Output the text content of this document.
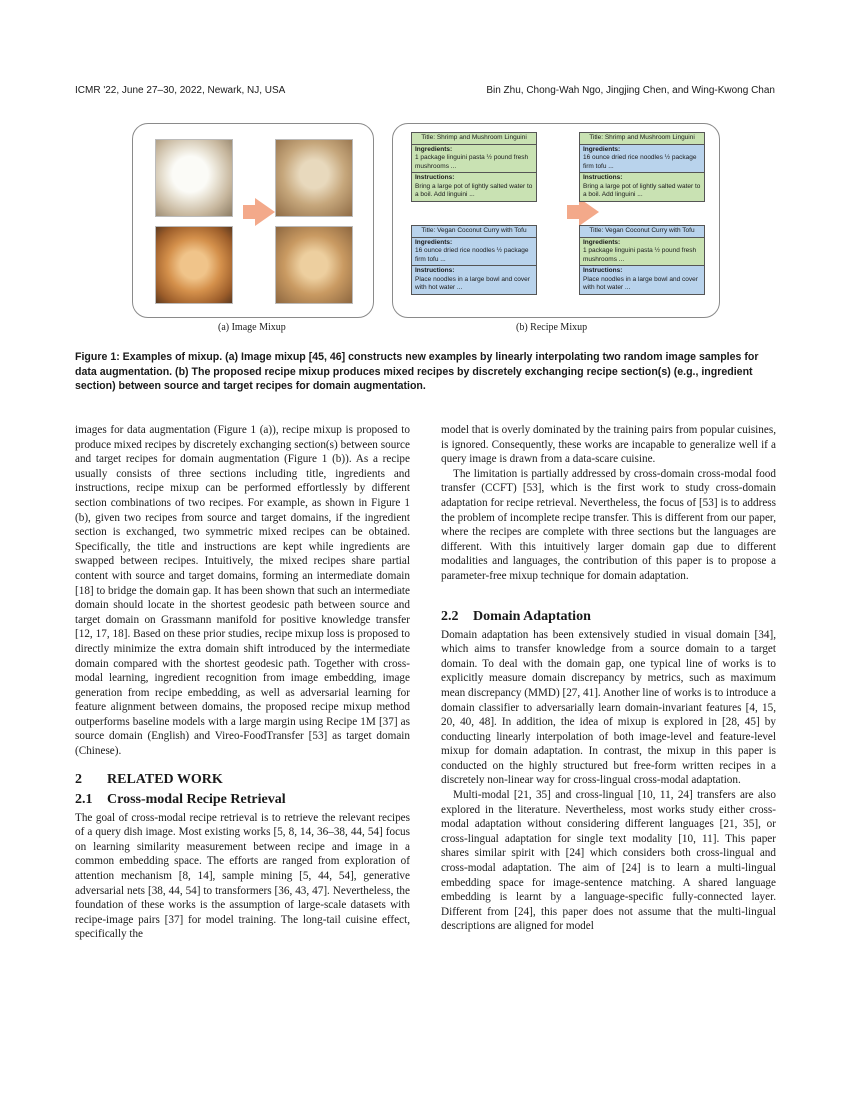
ICMR '22, June 27–30, 2022, Newark, NJ, USA	Bin Zhu, Chong-Wah Ngo, Jingjing Chen, and Wing-Kwong Chan
Title: Shrimp and Mushroom Linguini
Ingredients:
1 package linguini pasta ½ pound fresh mushrooms ...
Instructions:
Bring a large pot of lightly salted water to a boil. Add linguini ...
Title: Vegan Coconut Curry with Tofu
Ingredients:
16 ounce dried rice noodles ½ package firm tofu ...
Instructions:
Place noodles in a large bowl and cover with hot water ...
Title: Shrimp and Mushroom Linguini
Ingredients:
16 ounce dried rice noodles ½ package firm tofu ...
Instructions:
Bring a large pot of lightly salted water to a boil. Add linguini ...
Title: Vegan Coconut Curry with Tofu
Ingredients:
1 package linguini pasta ½ pound fresh mushrooms ...
Instructions:
Place noodles in a large bowl and cover with hot water ...
(a) Image Mixup	(b) Recipe Mixup
Figure 1: Examples of mixup. (a) Image mixup [45, 46] constructs new examples by linearly interpolating two random image samples for data augmentation. (b) The proposed recipe mixup produces mixed recipes by discretely exchanging recipe section(s) (e.g., ingredient section) between source and target recipes for domain augmentation.

images for data augmentation (Figure 1 (a)), recipe mixup is proposed to produce mixed recipes by discretely exchanging section(s) between source and target recipes for domain augmentation (Figure 1 (b)). As a recipe usually consists of three sections including title, ingredients and instructions, recipe mixup can be performed effortlessly by different section combinations of two recipes. For example, as shown in Figure 1 (b), given two recipes from source and target domains, if the ingredient section is exchanged, two symmetric mixed recipes can be obtained. Specifically, the title and instructions are kept while ingredients are swapped between recipes. Intuitively, the mixed recipes share partial content with source and target domains, forming an intermediate domain [18] to bridge the domain gap. It has been shown that such an intermediate domain should locate in the shortest geodesic path between source and target domain on Grassmann manifold for positive knowledge transfer [12, 17, 18]. Based on these prior studies, recipe mixup loss is proposed to directly minimize the extra domain shift introduced by the intermediate domain compared with the shortest geodesic path. Together with cross-modal learning, ingredient recognition from image embedding, image generation from recipe embedding, as well as adversarial learning for feature alignment between domains, the proposed recipe mixup method outperforms baseline models with a large margin using Recipe 1M [37] as source domain (English) and Vireo-FoodTransfer [53] as target domain (Chinese).

2 RELATED WORK
2.1 Cross-modal Recipe Retrieval

The goal of cross-modal recipe retrieval is to retrieve the relevant recipes of a query dish image. Most existing works [5, 8, 14, 36–38, 44, 54] focus on learning similarity measurement between recipe and image in a common embedding space. The efforts are ranged from exploration of attention mechanism [8, 14], sample mining [5, 44, 54], generative adversarial nets [38, 44, 54] to transformers [36, 43, 47]. Nevertheless, the foundation of these works is the assumption of large-scale datasets with recipe-image pairs [37] for model training. The long-tail cuisine effect, specifically the

model that is overly dominated by the training pairs from popular cuisines, is ignored. Consequently, these works are incapable to generalize well if a query image is drawn from a data-scare cuisine.

The limitation is partially addressed by cross-domain cross-modal food transfer (CCFT) [53], which is the first work to study cross-domain adaptation for recipe retrieval. Nevertheless, the focus of [53] is to address the problem of incomplete recipe transfer. This is different from our paper, where the recipes are complete with three sections but the languages are different. With this intuitively larger domain gap due to different modalities and languages, the contribution of this paper is to propose a parameter-free mixup technique for domain adaptation.

2.2 Domain Adaptation

Domain adaptation has been extensively studied in visual domain [34], which aims to transfer knowledge from a source domain to a target domain. To deal with the domain gap, one typical line of works is to explicitly measure domain discrepancy by metrics, such as maximum mean discrepancy (MMD) [27, 41]. Another line of works is to introduce a domain classifier to adversarially learn domain-invariant features [4, 15, 20, 40, 48]. In addition, the idea of mixup is explored in [28, 45] by conducting linearly interpolation of both image-level and feature-level mixup for domain adaptation. In contrast, the mixup in this paper is conducted on the highly structured but free-form written recipes in a discretely non-linear way for cross-lingual cross-modal adaptation.

Multi-modal [21, 35] and cross-lingual [10, 11, 24] transfers are also explored in the literature. Nevertheless, most works study either cross-modal adaptation without considering different languages [21, 35], or cross-lingual adaptation for single text modality [10, 11]. This paper shares similar spirit with [24] which considers both cross-lingual and cross-modal adaptation. The aim of [24] is to learn a multi-lingual embedding space for image-sentence matching. A shared language embedding is learnt by a language-specific fully-connected layer. Different from [24], this paper does not assume that the multi-lingual descriptions are aligned for model
